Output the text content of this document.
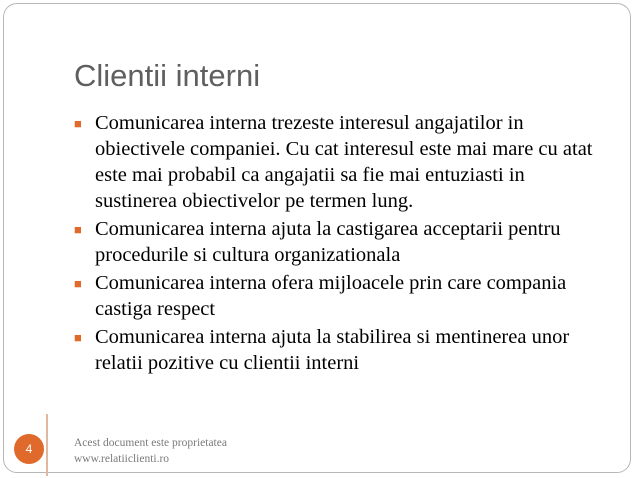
Clientii interni
■ Comunicarea interna trezeste interesul angajatilor in obiectivele companiei. Cu cat interesul este mai mare cu atat este mai probabil ca angajatii sa fie mai entuziasti in sustinerea obiectivelor pe termen lung.
■ Comunicarea interna ajuta la castigarea acceptarii pentru procedurile si cultura organizationala
■ Comunicarea interna ofera mijloacele prin care compania castiga respect
■ Comunicarea interna ajuta la stabilirea si mentinerea unor relatii pozitive cu clientii interni
4	Acest document este proprietatea
www.relatiiclienti.ro
